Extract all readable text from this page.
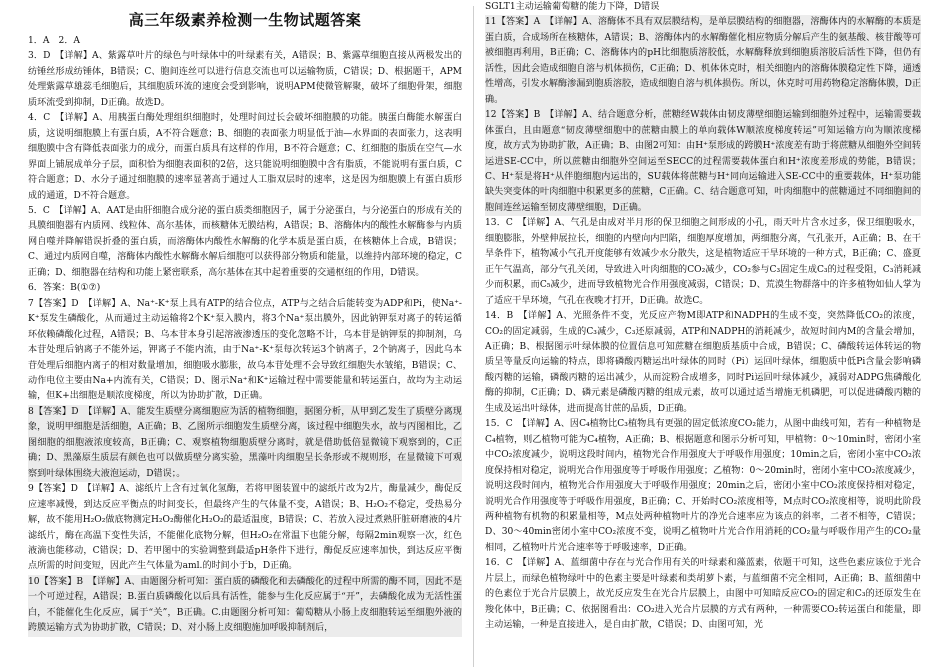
高三年级素养检测一生物试题答案

1．A　2．A

3．D　【详解】A、紫露草叶片的绿色与叶绿体中的叶绿素有关，A错误；B、紫露草细胞直接从两极发出的纺锤丝形成纺锤体，B错误；C、胞间连丝可以进行信息交流也可以运输物质，C错误；D、根据题干，APM处理紫露草雄蕊毛细胞后，其细胞质环流的速度会受到影响，说明APM使微管解聚，破坏了细胞骨架，细胞质环流受到抑制，D正确。故选D。

4．C　【详解】A、用胰蛋白酶处理组织细胞时，处理时间过长会破坏细胞膜的功能。胰蛋白酶能水解蛋白质，这说明细胞膜上有蛋白质，A不符合题意；B、细胞的表面张力明显低于油—水界面的表面张力，这表明细胞膜中含有降低表面张力的成分，而蛋白质具有这样的作用，B不符合题意；C、红细胞的脂质在空气—水界面上铺展成单分子层，面积恰为细胞表面积的2倍，这只能说明细胞膜中含有脂质，不能说明有蛋白质，C符合题意；D、水分子通过细胞膜的速率显著高于通过人工脂双层时的速率，这是因为细胞膜上有蛋白质形成的通道，D不符合题意。

5．C　【详解】A、AAT是由肝细胞合成分泌的蛋白质类细胞因子，属于分泌蛋白，与分泌蛋白的形成有关的具膜细胞器有内质网、线粒体、高尔基体，而核糖体无膜结构，A错误；B、溶酶体内的酸性水解酶参与内质网自噬并降解错误折叠的蛋白质，而溶酶体内酸性水解酶的化学本质是蛋白质，在核糖体上合成，B错误；C、通过内质网自噬，溶酶体内酸性水解酶水解后细胞可以获得部分物质和能量，以维持内部环境的稳定，C正确；D、细胞器在结构和功能上紧密联系，高尔基体在其中起着重要的交通枢纽的作用，D错误。

6．答案：B(①⑦)

7【答案】D　【详解】A、Na⁺-K⁺泵上具有ATP的结合位点，ATP与之结合后能转变为ADP和Pi，使Na⁺-K⁺泵发生磷酸化，从而通过主动运输将2个K⁺泵入膜内，将3个Na⁺泵出膜外，因此钠钾泵对离子的转运循环依赖磷酸化过程，A错误；B、乌本苷本身引起溶液渗透压的变化忽略不计，乌本苷是钠钾泵的抑制剂，乌本苷处理后钠离子不能外运，钾离子不能内流，由于Na⁺-K⁺泵每次转运3个钠离子，2个钠离子，因此乌本苷处理后细胞内离子的相对数量增加，细胞吸水膨胀，故乌本苷处理不会导致红细胞失水皱缩，B错误；C、动作电位主要由Na+内流有关，C错误；D、图示Na⁺和K⁺运输过程中需要能量和转运蛋白，故均为主动运输，但K+出细胞是顺浓度梯度，所以为协助扩散，D正确。

8【答案】D　【详解】A、能发生质壁分离细胞应为活的植物细胞，据图分析，从甲到乙发生了质壁分离现象，说明甲细胞是活细胞，A正确；B、乙图所示细胞发生质壁分离，该过程中细胞失水，故与丙图相比，乙图细胞的细胞液浓度较高，B正确；C、观察植物细胞质壁分离时，就是借助低倍显微镜下观察到的，C正确；D、黑藻原生质层有颜色也可以做质壁分离实验，黑藻叶肉细胞呈长条形或不规则形，在显微镜下可观察到叶绿体围绕大液泡运动，D错误；。

9【答案】D　【详解】A、滤纸片上含有过氧化氢酶，若将甲图装置中的滤纸片改为2片，酶量减少，酶促反应速率减慢，到达反应平衡点的时间变长，但最终产生的气体量不变，A错误；B、H₂O₂不稳定，受热易分解，故不能用H₂O₂做底物测定H₂O₂酶催化H₂O₂的最适温度，B错误；C、若放入浸过煮熟肝脏研磨液的4片滤纸片，酶在高温下变性失活，不能催化底物分解，但H₂O₂在常温下也能分解，每隔2min观察一次，红色液滴也能移动，C错误；D、若甲图中的实验调整到最适pH条件下进行，酶促反应速率加快，到达反应平衡点所需的时间变短，因此产生气体量为aml.的时间小于b，D正确。

10【答案】B　【详解】A、由题图分析可知：蛋白质的磷酸化和去磷酸化的过程中所需的酶不同，因此不是一个可逆过程，A错误；B.蛋白质磷酸化以后具有活性，能参与生化反应属于“开”，去磷酸化成为无活性蛋白，不能催化生化反应，属于“关”，B正确。C.由题图分析可知：葡萄糖从小肠上皮细胞转运至细胞外液的跨膜运输方式为协助扩散，C错误；D、对小肠上皮细胞施加呼吸抑制剂后，

SGLT1主动运输葡萄糖的能力下降，D错误

11【答案】A　【详解】A、溶酶体不具有双层膜结构，是单层膜结构的细胞器，溶酶体内的水解酶的本质是蛋白质，合成场所在核糖体，A错误；B、溶酶体内的水解酶催化相应物质分解后产生的氨基酸、核苷酸等可被细胞再利用，B正确；C、溶酶体内的pH比细胞质溶胶低，水解酶释放到细胞质溶胶后活性下降，但仍有活性，因此会造成细胞自溶与机体损伤，C正确；D、机体休克时，相关细胞内的溶酶体膜稳定性下降，通透性增高，引发水解酶渗漏到胞质溶胶，造成细胞自溶与机体损伤。所以，休克时可用药物稳定溶酶体膜，D正确。

12【答案】B　【详解】A、结合题意分析，蔗糖经W载体由韧皮薄壁细胞运输到细胞外过程中，运输需要载体蛋白，且由题意“韧皮薄壁细胞中的蔗糖由膜上的单向载体W顺浓度梯度转运”可知运输方向为顺浓度梯度，故方式为协助扩散，A正确；B、由图2可知：由H⁺泵形成的跨膜H⁺浓度差有助于将蔗糖从细胞外空间转运进SE-CC中，所以蔗糖由细胞外空间运至SECC的过程需要载体蛋白和H⁺浓度差形成的势能，B错误；C、H⁺泵是将H⁺从伴胞细胞内运出的，SU载体将蔗糖与H⁺同向运输进入SE-CC中的重要载体，H⁺泵功能缺失突变体的叶肉细胞中积累更多的蔗糖，C正确。C、结合题意可知，叶肉细胞中的蔗糖通过不同细胞间的胞间连丝运输至韧皮薄壁细胞，D正确。

13．C　【详解】A、气孔是由成对半月形的保卫细胞之间形成的小孔，雨天叶片含水过多，保卫细胞吸水，细胞膨胀，外壁伸展拉长，细胞的内壁向内凹陷，细胞厚度增加，两细胞分离，气孔张开，A正确；B、在干旱条件下，植物减小气孔开度能够有效减少水分散失，这是植物适应干旱环境的一种方式，B正确；C、盛夏正午气温高，部分气孔关闭，导致进入叶肉细胞的CO₂减少，CO₂参与C₃固定生成C₃的过程受阻，C₃消耗减少而积累，而C₅减少，进而导致植物光合作用强度减弱，C错误；D、荒漠生物群落中的许多植物如仙人掌为了适应干旱环境，气孔在夜晚才打开，D正确。故选C。

14．B　【详解】A、光照条件不变，光反应产物M即ATP和NADPH的生成不变，突然降低CO₂的浓度，CO₂的固定减弱，生成的C₃减少，C₃还原减弱，ATP和NADPH的消耗减少，故短时间内M的含量会增加，A正确；B、根据图示叶绿体膜的位置信息可知蔗糖在细胞质基质中合成，B错误；C、磷酸转运体转运的物质呈等量反向运输的特点，即将磷酸丙糖运出叶绿体的同时（Pi）运回叶绿体，细胞质中低Pi含量会影响磷酸丙糖的运输，磷酸丙糖的运出减少，从而淀粉合成增多，同时Pi运回叶绿体减少，减弱对ADPG焦磷酸化酶的抑制，C正确；D、磷元素是磷酸丙糖的组成元素，故可以通过适当增施无机磷肥，可以促进磷酸丙糖的生成及运出叶绿体，进而提高甘蔗的品质，D正确。

15．C　【详解】A、因C₄植物比C₃植物具有更强的固定低浓度CO₂能力，从图中曲线可知，若有一种植物是C₄植物，则乙植物可能为C₄植物，A正确；B、根据题意和图示分析可知，甲植物：0～10min时，密闭小室中CO₂浓度减少，说明这段时间内，植物光合作用强度大于呼吸作用强度；10min之后，密闭小室中CO₂浓度保持相对稳定，说明光合作用强度等于呼吸作用强度；乙植物：0～20min时，密闭小室中CO₂浓度减少，说明这段时间内，植物光合作用强度大于呼吸作用强度；20min之后，密闭小室中CO₂浓度保持相对稳定，说明光合作用强度等于呼吸作用强度，B正确；C、开始时CO₂浓度相等，M点时CO₂浓度相等，说明此阶段两种植物有机物的积累量相等，M点处两种植物叶片的净光合速率应为该点的斜率，二者不相等，C错误；D、30～40min密闭小室中CO₂浓度不变，说明乙植物叶片光合作用消耗的CO₂量与呼吸作用产生的CO₂量相同，乙植物叶片光合速率等于呼吸速率，D正确。

16．C　【详解】A、蓝细菌中存在与光合作用有关的叶绿素和藻蓝素，依题干可知，这些色素应该位于光合片层上，而绿色植物绿叶中的色素主要是叶绿素和类胡萝卜素，与蓝细菌不完全相同，A正确；B、蓝细菌中的色素位于光合片层膜上，故光反应发生在光合片层膜上，由图中可知暗反应CO₂的固定和C₃的还原发生在羧化体中，B正确；C、依据图看出：CO₂进入光合片层膜的方式有两种，一种需要CO₂转运蛋白和能量，即主动运输，一种是直接进入，是自由扩散，C错误；D、由图可知，光
